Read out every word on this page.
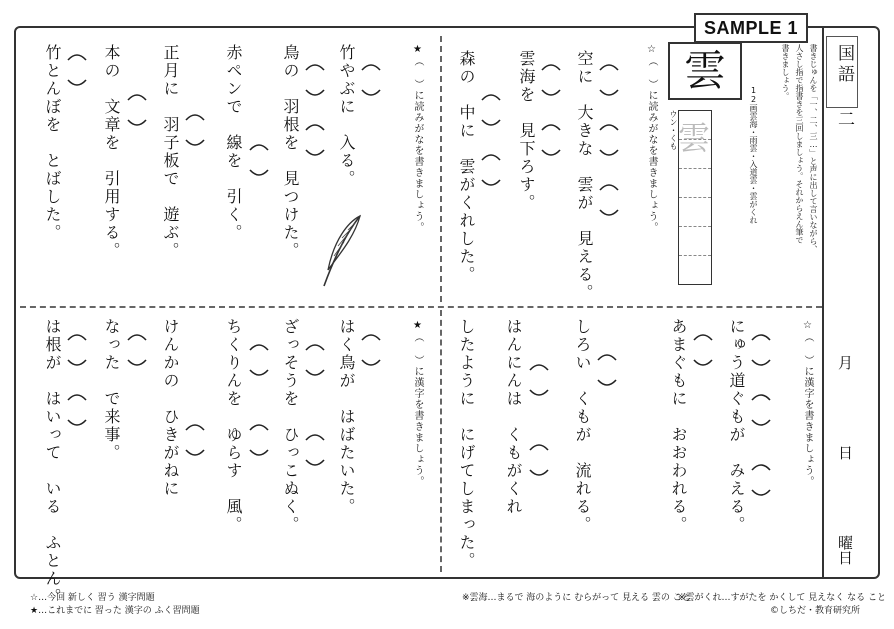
SAMPLE 1
国語 二
月
日
曜日
書きじゅんを「一、二、三…」と声に出して言いながら、
人さし指で指書きを三回しましょう。それからえん筆で
書きましょう。
雲
12画
雲海・雨雲・入道雲・雲がくれ
ウン・くも 雲
☆（ ）に読みがなを書きましょう。
★（ ）に読みがなを書きましょう。
☆（ ）に漢字を書きましょう。
★（ ）に漢字を書きましょう。
空に　大きな　雲が　見える。
雲海を　見下ろす。
森の　中に　雲がくれした。
竹やぶに　入る。
鳥の　羽根を　見つけた。
赤ペンで　線を　引く。
正月に　羽子板で　遊ぶ。
本の　文章を　引用する。
竹とんぼを　とばした。
にゅう道ぐもが　みえる。
あまぐもに　おおわれる。
しろい　くもが　流れる。
はんにんは　くもがくれ
したように　にげてしまった。
はく鳥が　はばたいた。
ざっそうを　ひっこぬく。
ちくりんを　ゆらす　風。
けんかの　ひきがねに
なった　で来事。
は根が　はいって　いる　ふとん。
☆…今回 新しく 習う 漢字問題
★…これまでに 習った 漢字の ふく習問題
※雲海…まるで 海のように むらがって 見える 雲の こと
※雲がくれ…すがたを かくして 見えなく なる こと
©しちだ・教育研究所
